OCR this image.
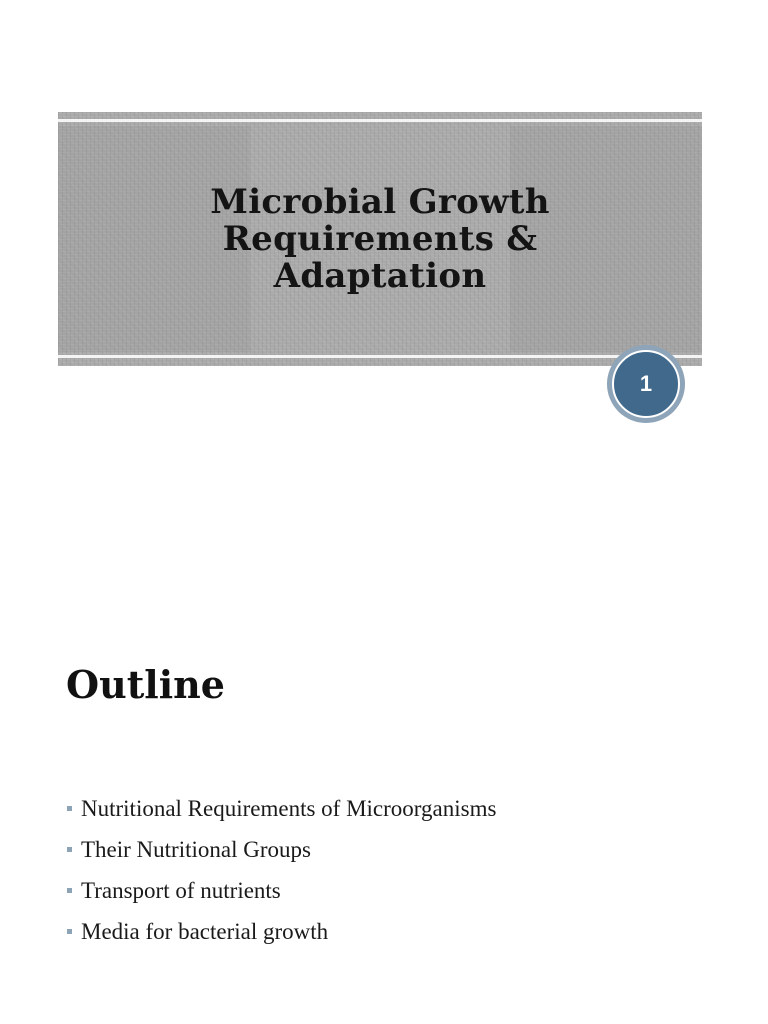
Microbial Growth
Requirements &
Adaptation
1
Outline
Nutritional Requirements of Microorganisms
Their Nutritional Groups
Transport of nutrients
Media for bacterial growth
